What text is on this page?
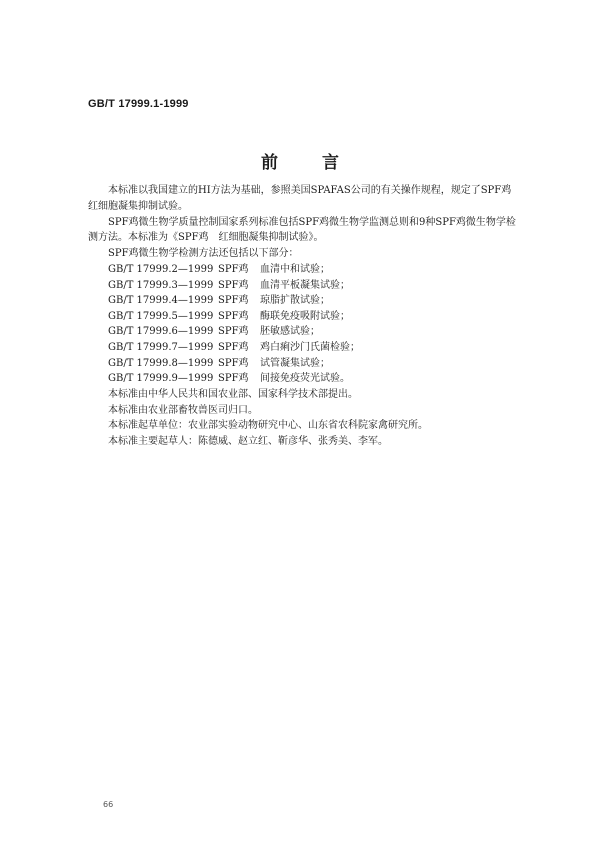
GB/T 17999.1-1999
前言

本标准以我国建立的HI方法为基础，参照美国SPAFAS公司的有关操作规程，规定了SPF鸡红细胞凝集抑制试验。

SPF鸡微生物学质量控制国家系列标准包括SPF鸡微生物学监测总则和9种SPF鸡微生物学检测方法。本标准为《SPF鸡　红细胞凝集抑制试验》。

SPF鸡微生物学检测方法还包括以下部分：

GB/T 17999.2—1999 SPF鸡	血清中和试验；
GB/T 17999.3—1999 SPF鸡	血清平板凝集试验；
GB/T 17999.4—1999 SPF鸡	琼脂扩散试验；
GB/T 17999.5—1999 SPF鸡	酶联免疫吸附试验；
GB/T 17999.6—1999 SPF鸡	胚敏感试验；
GB/T 17999.7—1999 SPF鸡	鸡白痢沙门氏菌检验；
GB/T 17999.8—1999 SPF鸡	试管凝集试验；
GB/T 17999.9—1999 SPF鸡	间接免疫荧光试验。

本标准由中华人民共和国农业部、国家科学技术部提出。

本标准由农业部畜牧兽医司归口。

本标准起草单位：农业部实验动物研究中心、山东省农科院家禽研究所。

本标准主要起草人：陈德威、赵立红、靳彦华、张秀美、李军。

66
